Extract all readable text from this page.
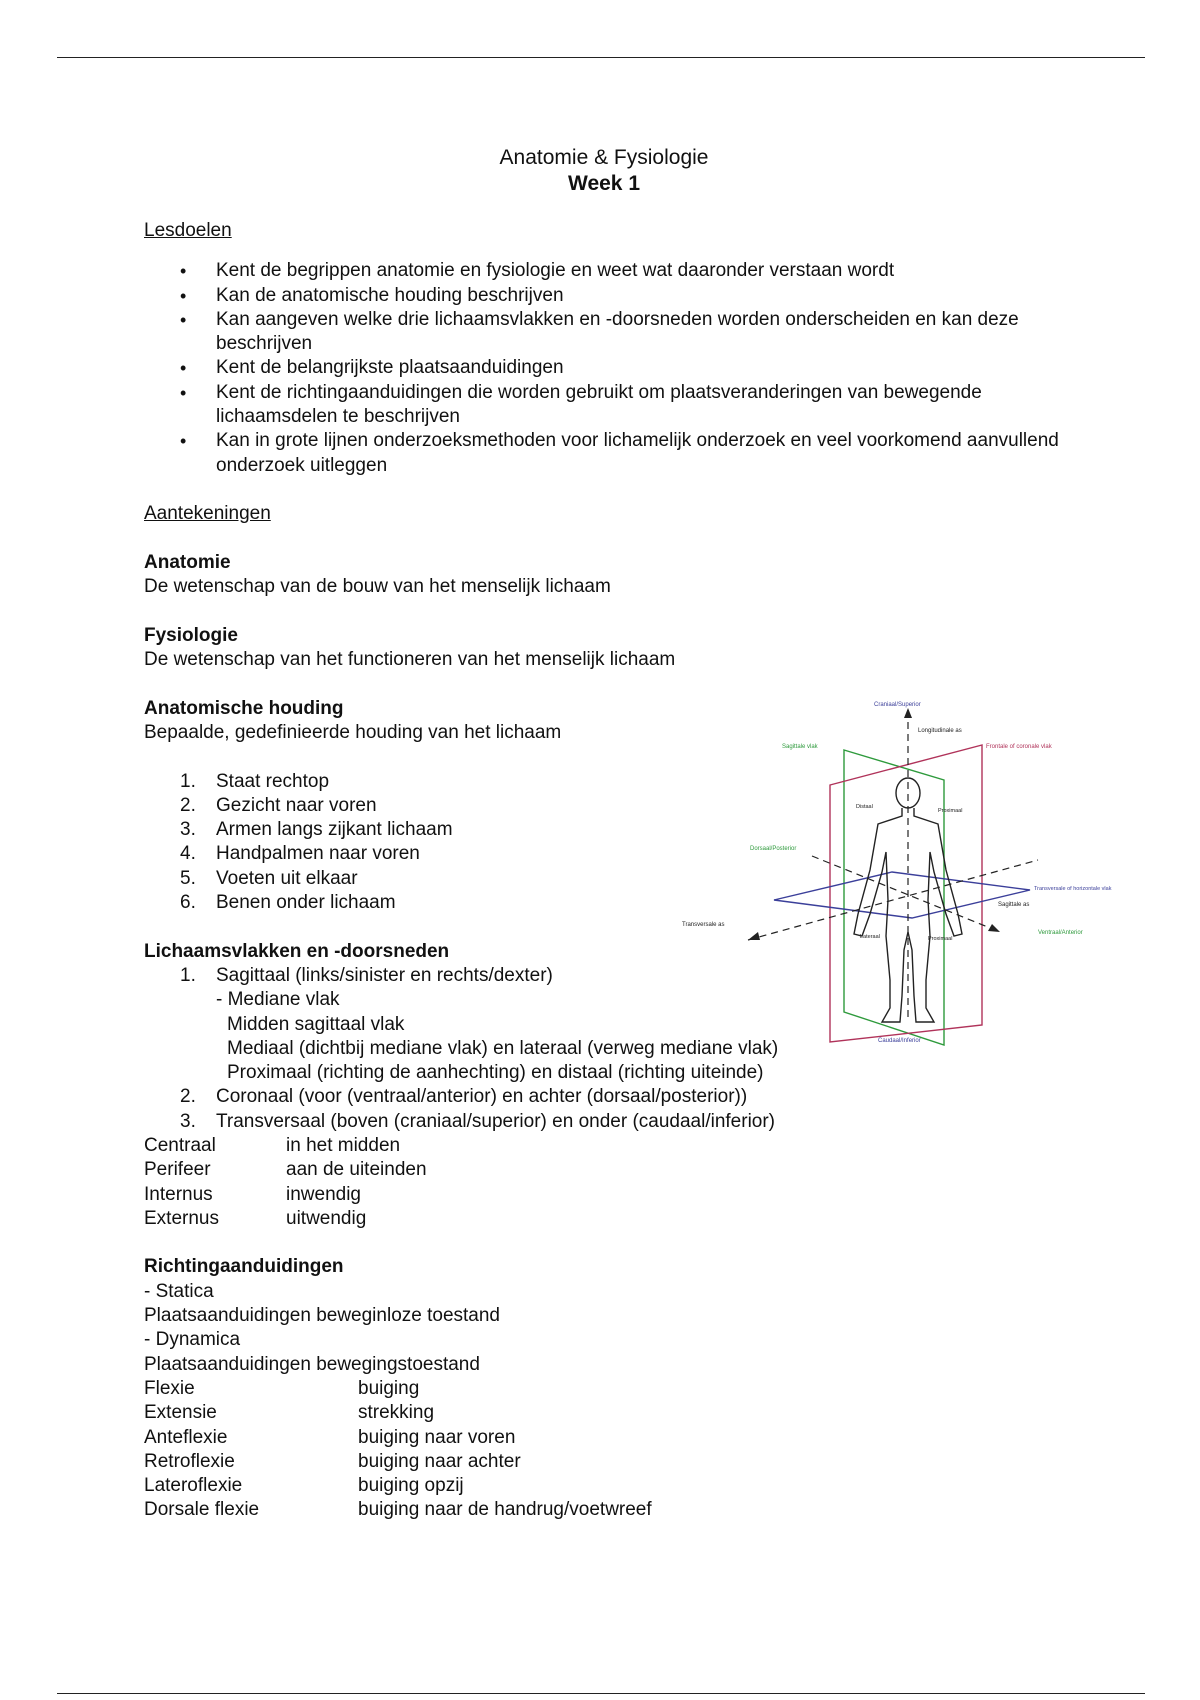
Anatomie & Fysiologie
Week 1
Lesdoelen
• Kent de begrippen anatomie en fysiologie en weet wat daaronder verstaan wordt
• Kan de anatomische houding beschrijven
• Kan aangeven welke drie lichaamsvlakken en -doorsneden worden onderscheiden en kan deze beschrijven
• Kent de belangrijkste plaatsaanduidingen
• Kent de richtingaanduidingen die worden gebruikt om plaatsveranderingen van bewegende lichaamsdelen te beschrijven
• Kan in grote lijnen onderzoeksmethoden voor lichamelijk onderzoek en veel voorkomend aanvullend onderzoek uitleggen
Aantekeningen
Anatomie
De wetenschap van de bouw van het menselijk lichaam
Fysiologie
De wetenschap van het functioneren van het menselijk lichaam
Anatomische houding
Bepaalde, gedefinieerde houding van het lichaam
1.	Staat rechtop
2.	Gezicht naar voren
3.	Armen langs zijkant lichaam
4.	Handpalmen naar voren
5.	Voeten uit elkaar
6.	Benen onder lichaam
Lichaamsvlakken en -doorsneden
1.	Sagittaal (links/sinister en rechts/dexter)
- Mediane vlak
Midden sagittaal vlak
Mediaal (dichtbij mediane vlak) en lateraal (verweg mediane vlak)
Proximaal (richting de aanhechting) en distaal (richting uiteinde)
2.	Coronaal (voor (ventraal/anterior) en achter (dorsaal/posterior))
3.	Transversaal (boven (craniaal/superior) en onder (caudaal/inferior)
Centraal	in het midden
Perifeer	aan de uiteinden
Internus	inwendig
Externus	uitwendig
Richtingaanduidingen
- Statica
Plaatsaanduidingen beweginloze toestand
- Dynamica
Plaatsaanduidingen bewegingstoestand
Flexie	buiging
Extensie	strekking
Anteflexie	buiging naar voren
Retroflexie	buiging naar achter
Lateroflexie	buiging opzij
Dorsale flexie	buiging naar de handrug/voetwreef
Craniaal/Superior
Longitudinale as
Sagittale vlak	Frontale of coronale vlak
Distaal
Proximaal
Dorsaal/Posterior
Transversale of horizontale vlak
Sagittale as
Transversale as
Ventraal/Anterior
Lateraal	Proximaal
Caudaal/Inferior
